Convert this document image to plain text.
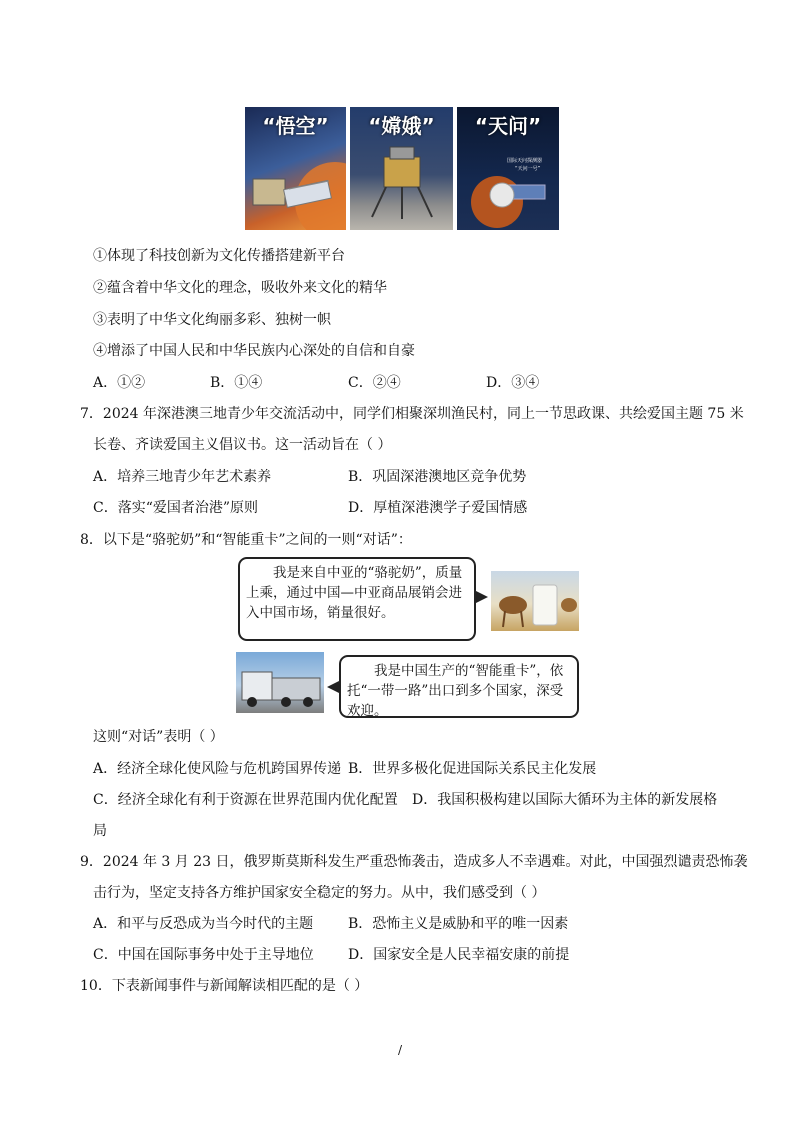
“悟空”	“嫦娥”	“天问”
国际天问探测器
“天问一号”
①体现了科技创新为文化传播搭建新平台
②蕴含着中华文化的理念，吸收外来文化的精华
③表明了中华文化绚丽多彩、独树一帜
④增添了中国人民和中华民族内心深处的自信和自豪
A．①②	B．①④	C．②④	D．③④
7．2024 年深港澳三地青少年交流活动中，同学们相聚深圳渔民村，同上一节思政课、共绘爱国主题 75 米
长卷、齐读爱国主义倡议书。这一活动旨在（ ）
A．培养三地青少年艺术素养	B．巩固深港澳地区竞争优势
C．落实“爱国者治港”原则	D．厚植深港澳学子爱国情感
8．以下是“骆驼奶”和“智能重卡”之间的一则“对话”：
我是来自中亚的“骆驼奶”，质量上乘，通过中国—中亚商品展销会进入中国市场，销量很好。
我是中国生产的“智能重卡”，依托“一带一路”出口到多个国家，深受欢迎。
这则“对话”表明（ ）
A．经济全球化使风险与危机跨国界传递 B．世界多极化促进国际关系民主化发展
C．经济全球化有利于资源在世界范围内优化配置 D．我国积极构建以国际大循环为主体的新发展格
局
9．2024 年 3 月 23 日，俄罗斯莫斯科发生严重恐怖袭击，造成多人不幸遇难。对此，中国强烈谴责恐怖袭
击行为，坚定支持各方维护国家安全稳定的努力。从中，我们感受到（ ）
A．和平与反恐成为当今时代的主题 B．恐怖主义是威胁和平的唯一因素
C．中国在国际事务中处于主导地位 D．国家安全是人民幸福安康的前提
10．下表新闻事件与新闻解读相匹配的是（ ）
/
